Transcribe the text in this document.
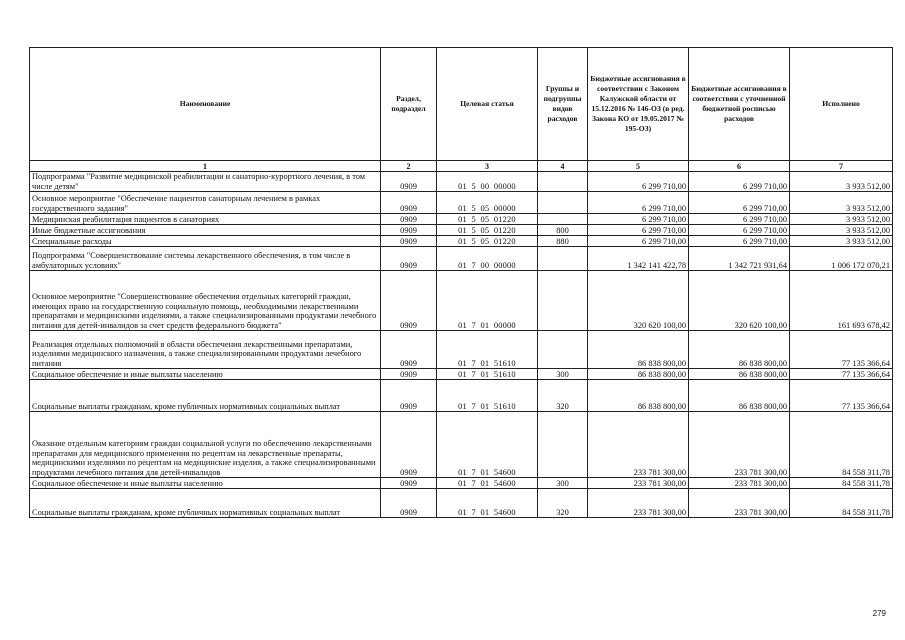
Наименование	Раздел, подраздел	Целевая статья	Группы и подгруппы видов расходов	Бюджетные ассигнования в соответствии с Законом Калужской области от 15.12.2016 № 146-ОЗ (в ред. Закона КО от 19.05.2017 № 195-ОЗ)	Бюджетные ассигнования в соответствии с уточненной бюджетной росписью расходов	Исполнено
1	2	3	4	5	6	7
Подпрограмма "Развитие медицинской реабилитации и санаторно-курортного лечения, в том числе детям"	0909	01  5  00  00000		6 299 710,00	6 299 710,00	3 933 512,00
Основное мероприятие "Обеспечение пациентов санаторным лечением в рамках государственного задания"	0909	01  5  05  00000		6 299 710,00	6 299 710,00	3 933 512,00
Медицинская реабилитация пациентов в санаториях	0909	01  5  05  01220		6 299 710,00	6 299 710,00	3 933 512,00
Иные бюджетные ассигнования	0909	01  5  05  01220	800	6 299 710,00	6 299 710,00	3 933 512,00
Специальные расходы	0909	01  5  05  01220	880	6 299 710,00	6 299 710,00	3 933 512,00
Подпрограмма "Совершенствование системы лекарственного обеспечения, в том числе в амбулаторных условиях"	0909	01  7  00  00000		1 342 141 422,78	1 342 721 931,64	1 006 172 070,21
Основное мероприятие "Совершенствование обеспечения отдельных категорий граждан, имеющих право на государственную социальную помощь, необходимыми лекарственными препаратами и медицинскими изделиями, а также специализированными продуктами лечебного питания для детей-инвалидов за счет средств федерального бюджета"	0909	01  7  01  00000		320 620 100,00	320 620 100,00	161 693 678,42
Реализация отдельных полномочий в области обеспечения лекарственными препаратами, изделиями медицинского назначения, а также специализированными продуктами лечебного питания	0909	01  7  01  51610		86 838 800,00	86 838 800,00	77 135 366,64
Социальное обеспечение и иные выплаты населению	0909	01  7  01  51610	300	86 838 800,00	86 838 800,00	77 135 366,64
Социальные выплаты гражданам, кроме публичных нормативных социальных выплат	0909	01  7  01  51610	320	86 838 800,00	86 838 800,00	77 135 366,64
Оказание отдельным категориям граждан социальной услуги по обеспечению лекарственными препаратами для медицинского применения по рецептам на лекарственные препараты, медицинскими изделиями по рецептам на медицинские изделия, а также специализированными продуктами лечебного питания для детей-инвалидов	0909	01  7  01  54600		233 781 300,00	233 781 300,00	84 558 311,78
Социальное обеспечение и иные выплаты населению	0909	01  7  01  54600	300	233 781 300,00	233 781 300,00	84 558 311,78
Социальные выплаты гражданам, кроме публичных нормативных социальных выплат	0909	01  7  01  54600	320	233 781 300,00	233 781 300,00	84 558 311,78
279
